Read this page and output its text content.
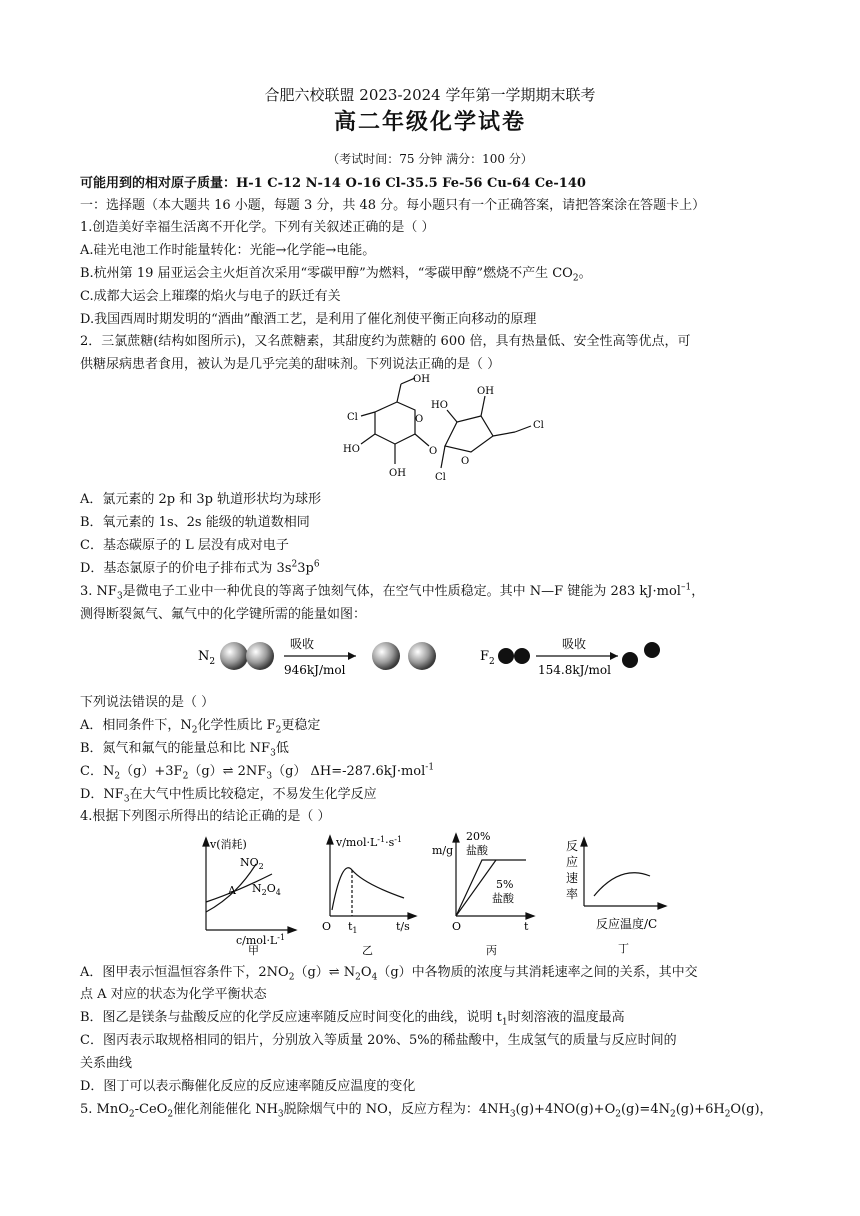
合肥六校联盟 2023-2024 学年第一学期期末联考
高二年级化学试卷
（考试时间：75 分钟 满分：100 分）
可能用到的相对原子质量：H-1 C-12 N-14 O-16 Cl-35.5 Fe-56 Cu-64 Ce-140
一：选择题（本大题共 16 小题，每题 3 分，共 48 分。每小题只有一个正确答案，请把答案涂在答题卡上）
1.创造美好幸福生活离不开化学。下列有关叙述正确的是（ ）
A.硅光电池工作时能量转化：光能→化学能→电能。
B.杭州第 19 届亚运会主火炬首次采用“零碳甲醇”为燃料，“零碳甲醇”燃烧不产生 $CO_2$。
C.成都大运会上璀璨的焰火与电子的跃迁有关
D.我国西周时期发明的“酒曲”酿酒工艺，是利用了催化剂使平衡正向移动的原理
2．三氯蔗糖(结构如图所示)，又名蔗糖素，其甜度约为蔗糖的 600 倍，具有热量低、安全性高等优点，可
供糖尿病患者食用，被认为是几乎完美的甜味剂。下列说法正确的是（ ）
OH
Cl
HO
OH
O
O
HO
OH
O
Cl
Cl
A．氯元素的 2p 和 3p 轨道形状均为球形
B．氧元素的 1s、2s 能级的轨道数相同
C．基态碳原子的 L 层没有成对电子
D．基态氯原子的价电子排布式为 $3s^23p^6$
3. $NF_3$是微电子工业中一种优良的等离子蚀刻气体，在空气中性质稳定。其中 N—F 键能为 283 kJ·mol$^{-1}$，
测得断裂氮气、氟气中的化学键所需的能量如图：
$N_2$
吸收
946kJ/mol
$F_2$
吸收
154.8kJ/mol
下列说法错误的是（ ）
A．相同条件下，$N_2$化学性质比 $F_2$更稳定
B．氮气和氟气的能量总和比 $NF_3$低
C．$N_2(g)+3F_2(g)\rightleftharpoons$ $2NF_3(g)$ ΔH=-287.6kJ·mol$^{-1}$
D．$NF_3$在大气中性质比较稳定，不易发生化学反应
4.根据下列图示所得出的结论正确的是（ ）
v(消耗)
$NO_2$
A $N_2O_4$
$c/mol\cdot L^{-1}$
甲
$v/mol\cdot L^{-1}\cdot s^{-1}$
O $t_1$	t/s
乙
m/g
20%
盐酸
5%
盐酸
O	t
丙
反
应
速
率
反应温度/C
丁
A．图甲表示恒温恒容条件下，$2NO_2(g)\rightleftharpoons$ $N_2O_4(g)$中各物质的浓度与其消耗速率之间的关系，其中交
点 A 对应的状态为化学平衡状态
B．图乙是镁条与盐酸反应的化学反应速率随反应时间变化的曲线，说明 $t_1$时刻溶液的温度最高
C．图丙表示取规格相同的铝片，分别放入等质量 20%、5%的稀盐酸中，生成氢气的质量与反应时间的
关系曲线
D．图丁可以表示酶催化反应的反应速率随反应温度的变化
5. MnO$_2$-CeO$_2$催化剂能催化 $NH_3$脱除烟气中的 NO，反应方程为：$4NH_3(g)+4NO(g)+O_2(g)=4N_2(g)+6H_2O(g)$，
